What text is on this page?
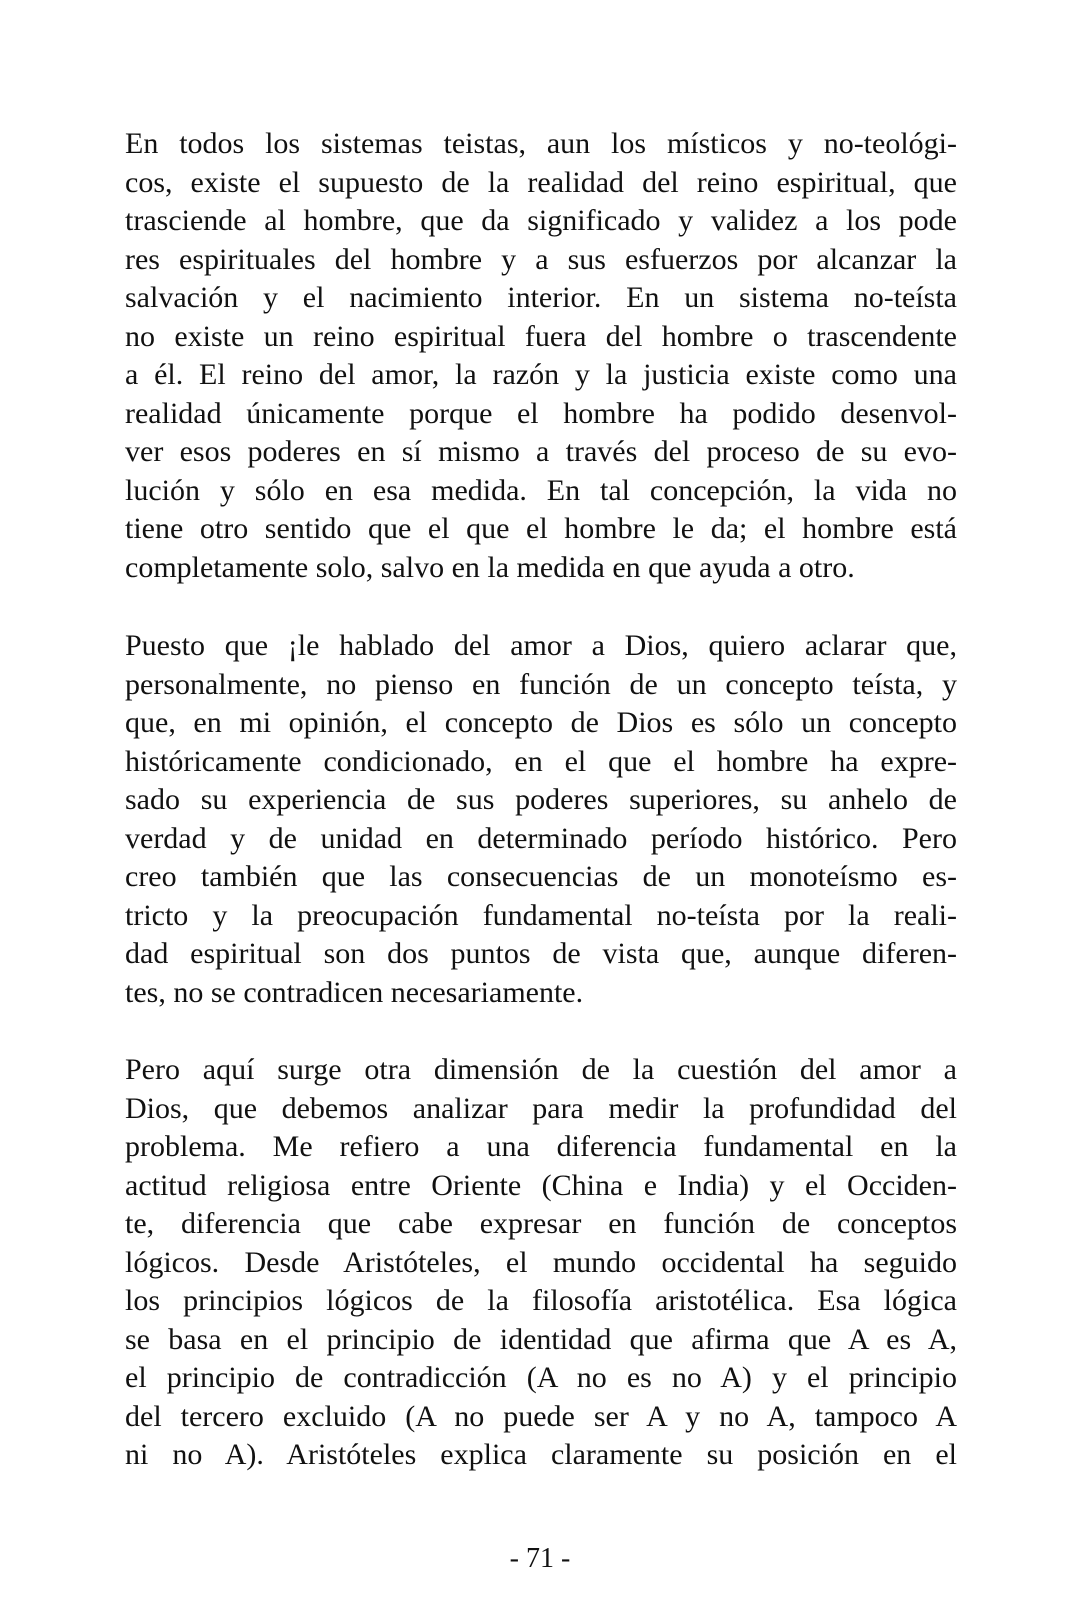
En todos los sistemas teistas, aun los místicos y no-teológi-
cos, existe el supuesto de la realidad del reino espiritual, que
trasciende al hombre, que da significado y validez a los pode
res espirituales del hombre y a sus esfuerzos por alcanzar la
salvación y el nacimiento interior. En un sistema no-teísta
no existe un reino espiritual fuera del hombre o trascendente
a él. El reino del amor, la razón y la justicia existe como una
realidad únicamente porque el hombre ha podido desenvol-
ver esos poderes en sí mismo a través del proceso de su evo-
lución y sólo en esa medida. En tal concepción, la vida no
tiene otro sentido que el que el hombre le da; el hombre está
completamente solo, salvo en la medida en que ayuda a otro.
Puesto que ¡le hablado del amor a Dios, quiero aclarar que,
personalmente, no pienso en función de un concepto teísta, y
que, en mi opinión, el concepto de Dios es sólo un concepto
históricamente condicionado, en el que el hombre ha expre-
sado su experiencia de sus poderes superiores, su anhelo de
verdad y de unidad en determinado período histórico. Pero
creo también que las consecuencias de un monoteísmo es-
tricto y la preocupación fundamental no-teísta por la reali-
dad espiritual son dos puntos de vista que, aunque diferen-
tes, no se contradicen necesariamente.
Pero aquí surge otra dimensión de la cuestión del amor a
Dios, que debemos analizar para medir la profundidad del
problema. Me refiero a una diferencia fundamental en la
actitud religiosa entre Oriente (China e India) y el Occiden-
te, diferencia que cabe expresar en función de conceptos
lógicos. Desde Aristóteles, el mundo occidental ha seguido
los principios lógicos de la filosofía aristotélica. Esa lógica
se basa en el principio de identidad que afirma que A es A,
el principio de contradicción (A no es no A) y el principio
del tercero excluido (A no puede ser A y no A, tampoco A
ni no A). Aristóteles explica claramente su posición en el
- 71 -
